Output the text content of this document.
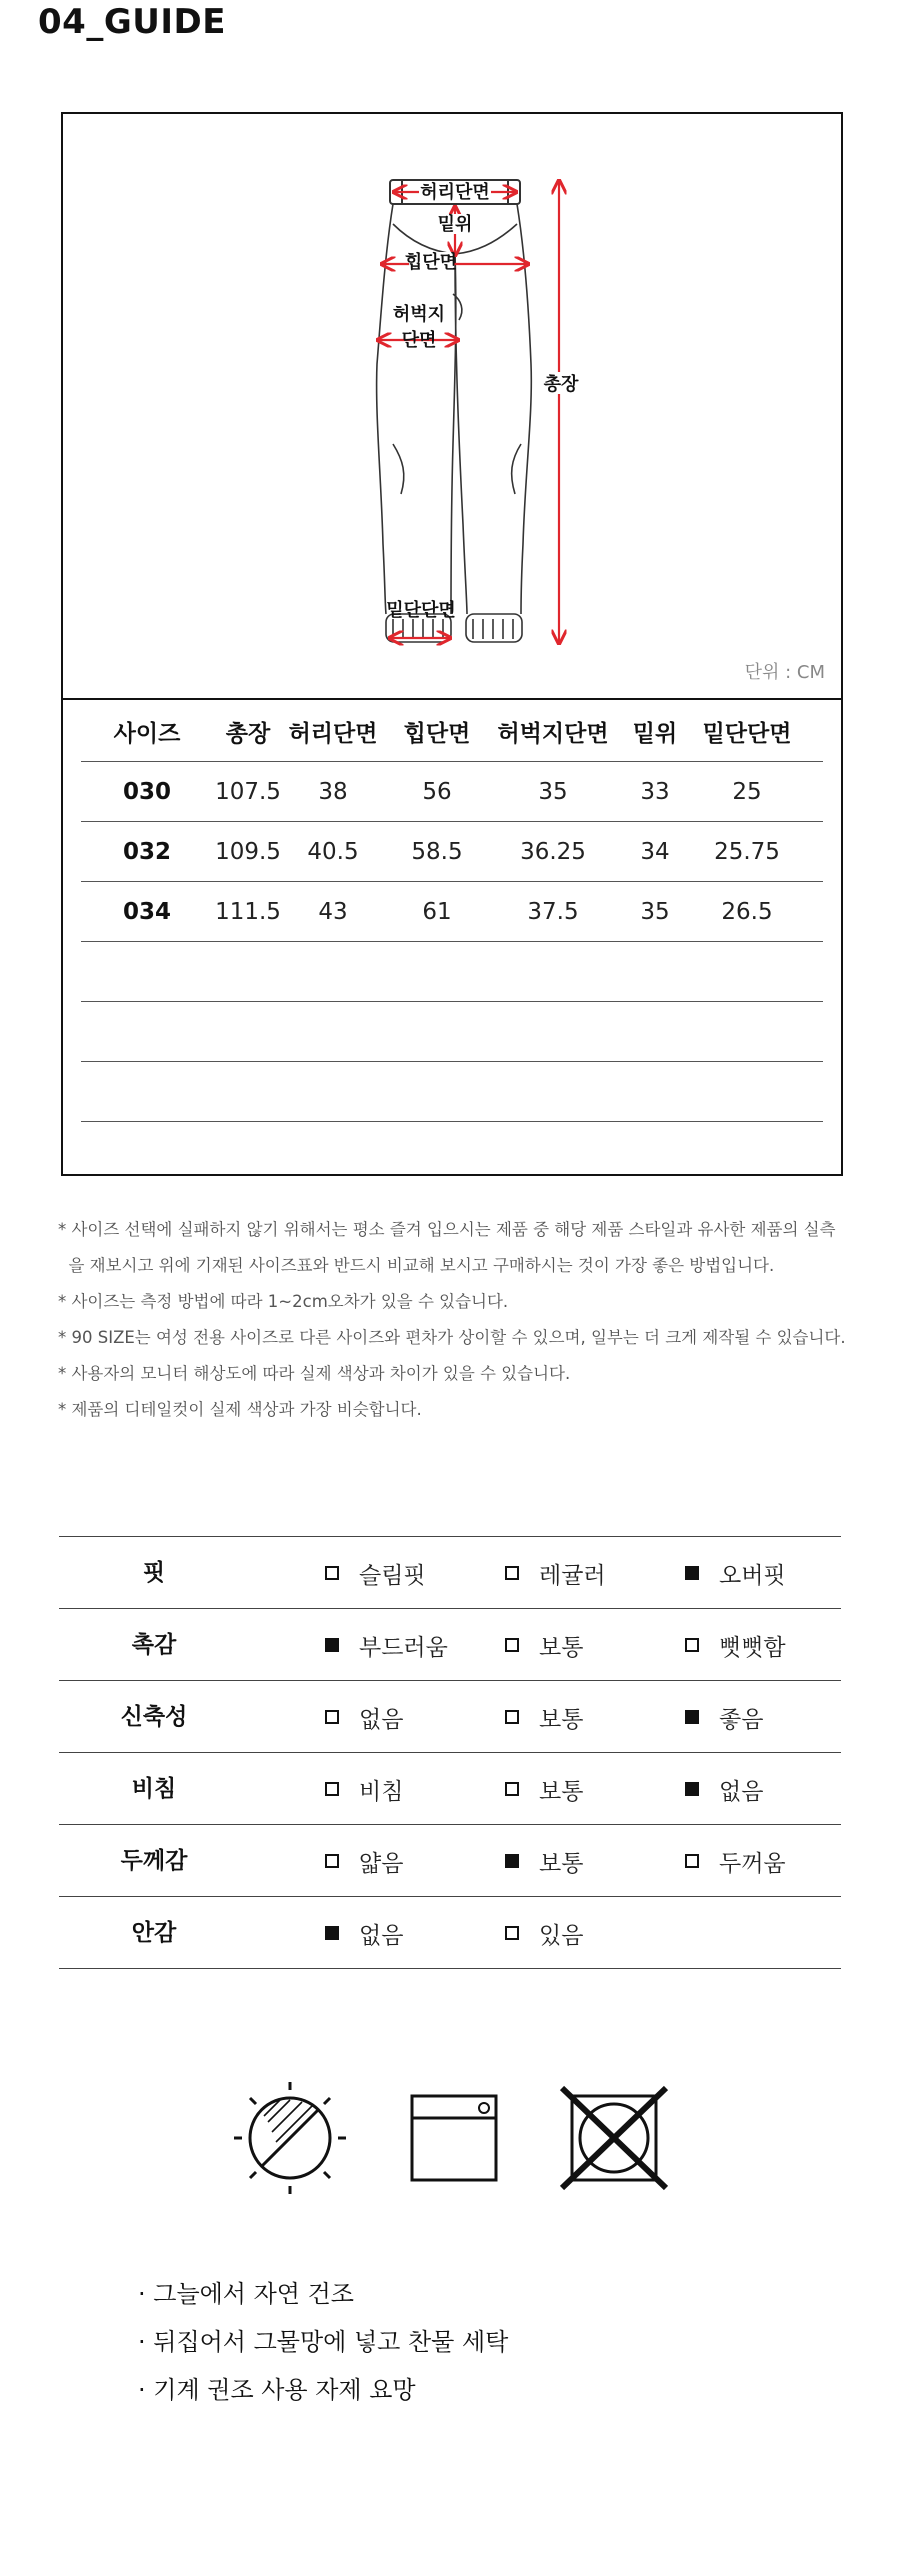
04_GUIDE
허리단면
밑위
힙단면
허벅지
단면
총장
밑단단면
단위 : CM
사이즈	총장 허리단면	힙단면	허벅지단면	밑위	밑단단면
030	107.5	38	56	35	33	25
032	109.5	40.5	58.5	36.25	34	25.75
034	111.5	43	61	37.5	35	26.5

* 사이즈 선택에 실패하지 않기 위해서는 평소 즐겨 입으시는 제품 중 해당 제품 스타일과 유사한 제품의 실측

을 재보시고 위에 기재된 사이즈표와 반드시 비교해 보시고 구매하시는 것이 가장 좋은 방법입니다.

* 사이즈는 측정 방법에 따라 1~2cm오차가 있을 수 있습니다.

* 90 SIZE는 여성 전용 사이즈로 다른 사이즈와 편차가 상이할 수 있으며, 일부는 더 크게 제작될 수 있습니다.

* 사용자의 모니터 해상도에 따라 실제 색상과 차이가 있을 수 있습니다.

* 제품의 디테일컷이 실제 색상과 가장 비슷합니다.

핏	슬림핏	레귤러	오버핏
촉감	부드러움	보통	뻣뻣함
신축성	없음	보통	좋음
비침	비침	보통	없음
두께감	얇음	보통	두꺼움
안감	없음	있음

· 그늘에서 자연 건조

· 뒤집어서 그물망에 넣고 찬물 세탁

· 기계 권조 사용 자제 요망
